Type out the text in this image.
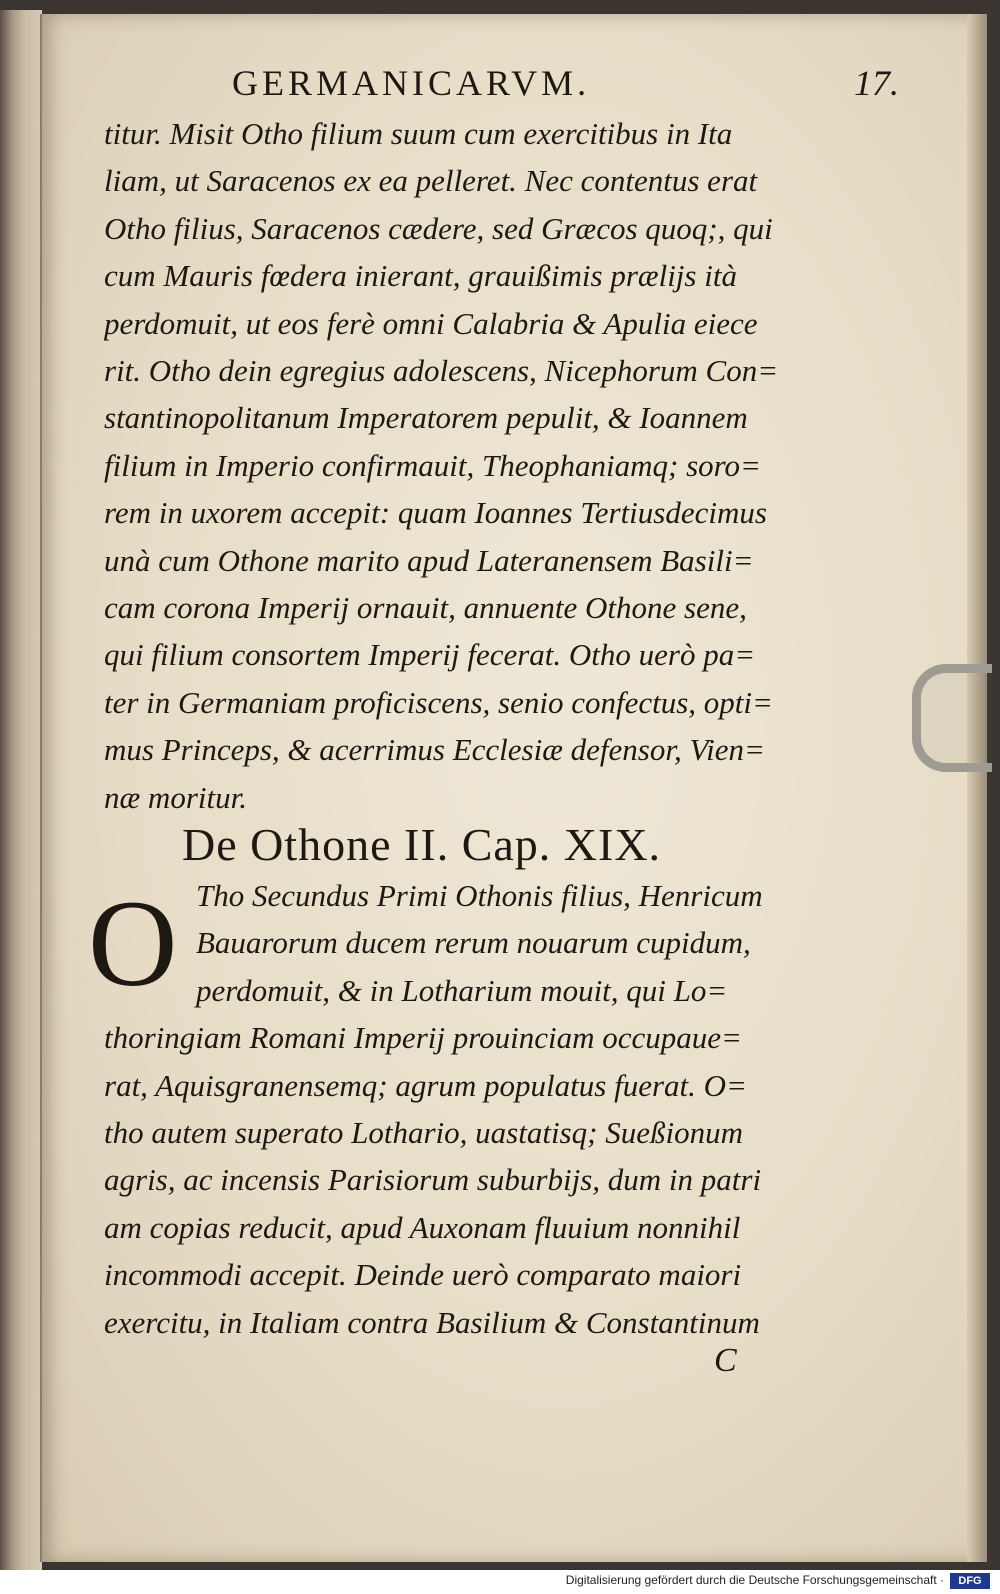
GERMANICARVM.	17.
titur. Misit Otho filium suum cum exercitibus in Ita
liam, ut Saracenos ex ea pelleret. Nec contentus erat
Otho filius, Saracenos cædere, sed Græcos quoq;, qui
cum Mauris fœdera inierant, grauißimis prælijs ità
perdomuit, ut eos ferè omni Calabria & Apulia eiece
rit. Otho dein egregius adolescens, Nicephorum Con=
stantinopolitanum Imperatorem pepulit, & Ioannem
filium in Imperio confirmauit, Theophaniamq; soro=
rem in uxorem accepit: quam Ioannes Tertiusdecimus
unà cum Othone marito apud Lateranensem Basili=
cam corona Imperij ornauit, annuente Othone sene,
qui filium consortem Imperij fecerat. Otho uerò pa=
ter in Germaniam proficiscens, senio confectus, opti=
mus Princeps, & acerrimus Ecclesiæ defensor, Vien=
næ moritur.
De Othone II. Cap. XIX.
O Tho Secundus Primi Othonis filius, Henricum
Bauarorum ducem rerum nouarum cupidum,
perdomuit, & in Lotharium mouit, qui Lo=
thoringiam Romani Imperij prouinciam occupaue=
rat, Aquisgranensemq; agrum populatus fuerat. O=
tho autem superato Lothario, uastatisq; Sueßionum
agris, ac incensis Parisiorum suburbijs, dum in patri
am copias reducit, apud Auxonam fluuium nonnihil
incommodi accepit. Deinde uerò comparato maiori
exercitu, in Italiam contra Basilium & Constantinum
C
Digitalisierung gefördert durch die Deutsche Forschungsgemeinschaft ·	DFG
